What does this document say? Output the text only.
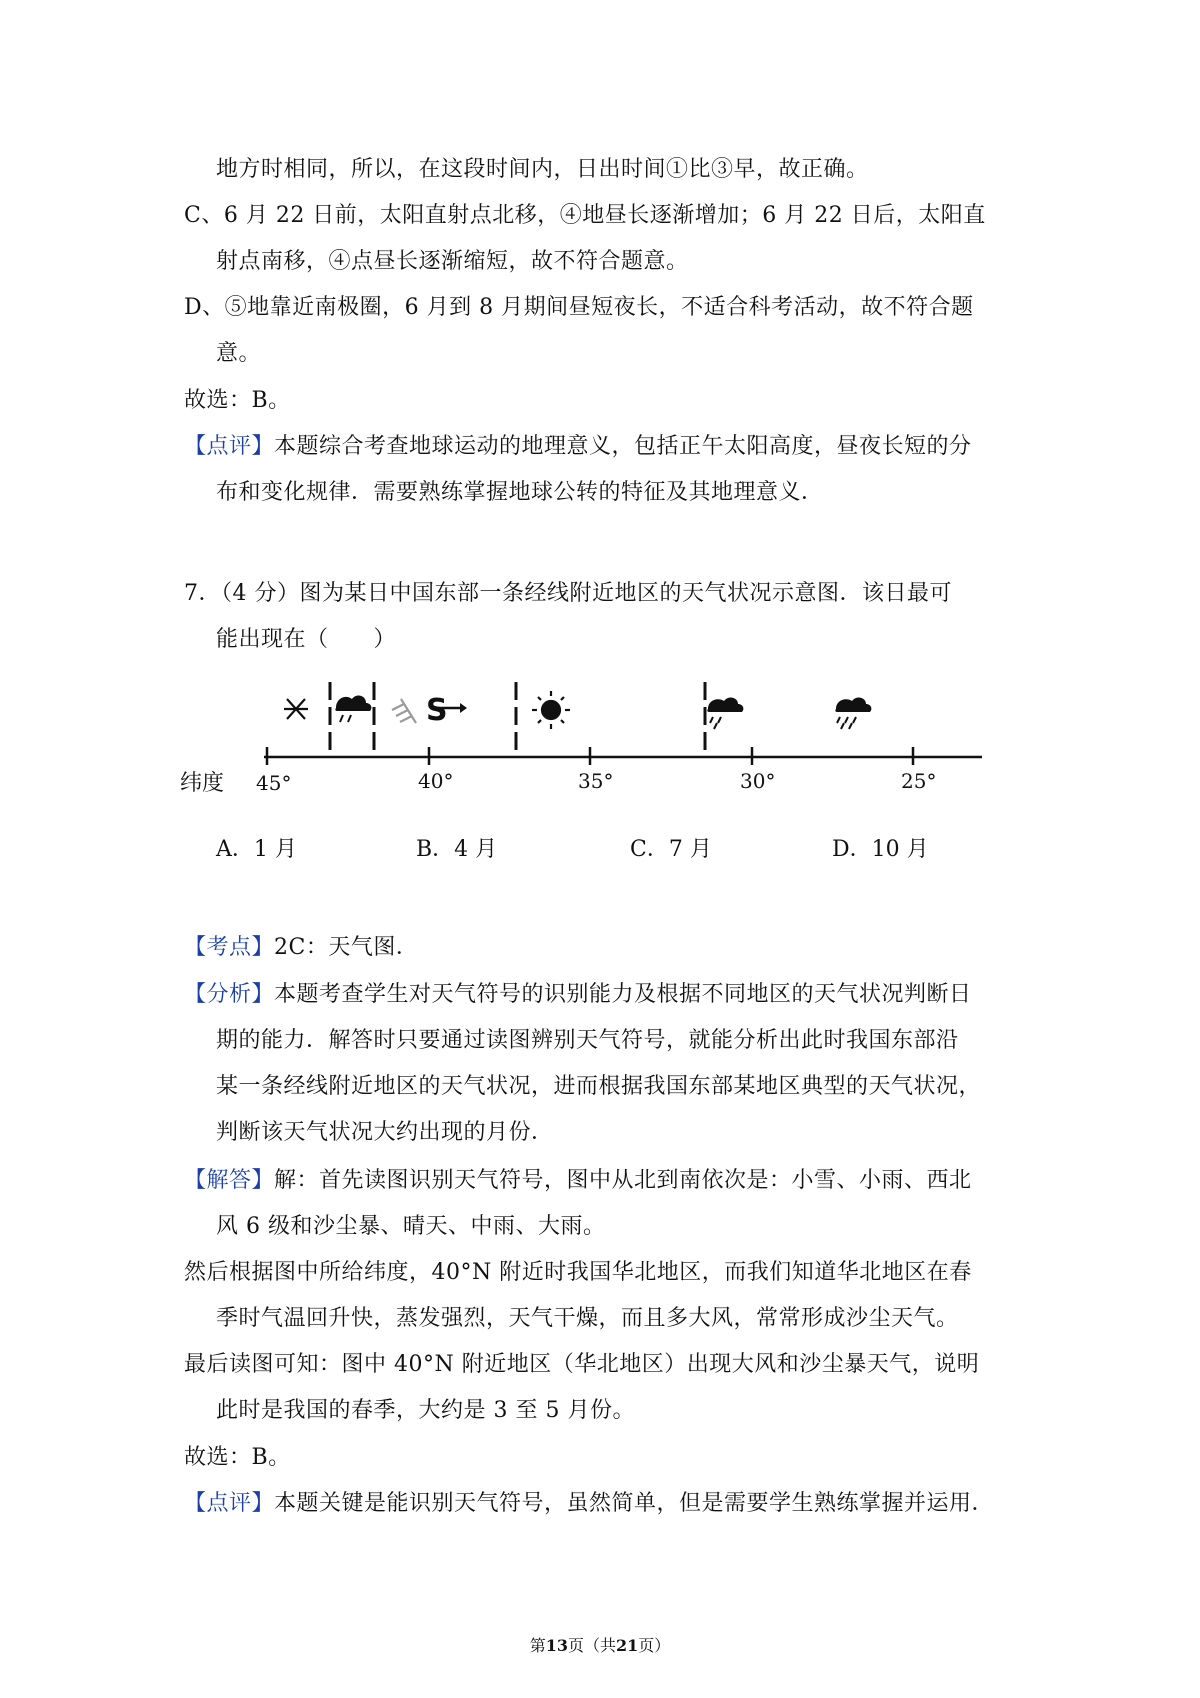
地方时相同，所以，在这段时间内，日出时间①比③早，故正确。
C、6 月 22 日前，太阳直射点北移，④地昼长逐渐增加；6 月 22 日后，太阳直
射点南移，④点昼长逐渐缩短，故不符合题意。
D、⑤地靠近南极圈，6 月到 8 月期间昼短夜长，不适合科考活动，故不符合题
意。
故选：B。
【点评】本题综合考查地球运动的地理意义，包括正午太阳高度，昼夜长短的分
布和变化规律．需要熟练掌握地球公转的特征及其地理意义．
7．（4 分）图为某日中国东部一条经线附近地区的天气状况示意图．该日最可
能出现在（　　）
S
纬度 45°	40°	35°	30°	25°
A．1 月	B．4 月	C．7 月	D．10 月
【考点】2C：天气图．
【分析】本题考查学生对天气符号的识别能力及根据不同地区的天气状况判断日
期的能力．解答时只要通过读图辨别天气符号，就能分析出此时我国东部沿
某一条经线附近地区的天气状况，进而根据我国东部某地区典型的天气状况，
判断该天气状况大约出现的月份．
【解答】解：首先读图识别天气符号，图中从北到南依次是：小雪、小雨、西北
风 6 级和沙尘暴、晴天、中雨、大雨。
然后根据图中所给纬度，40°N 附近时我国华北地区，而我们知道华北地区在春
季时气温回升快，蒸发强烈，天气干燥，而且多大风，常常形成沙尘天气。
最后读图可知：图中 40°N 附近地区（华北地区）出现大风和沙尘暴天气，说明
此时是我国的春季，大约是 3 至 5 月份。
故选：B。
【点评】本题关键是能识别天气符号，虽然简单，但是需要学生熟练掌握并运用．
第13页（共21页）
